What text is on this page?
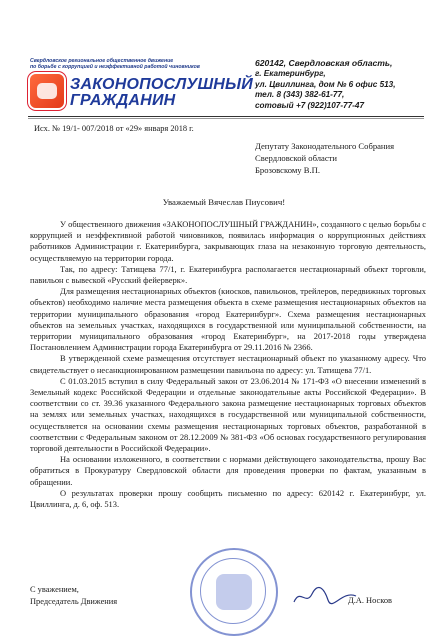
Свердловское региональное общественное движение
по борьбе с коррупцией и неэффективной работой чиновников
ЗАКОНОПОСЛУШНЫЙ
ГРАЖДАНИН
620142, Свердловская область,
г. Екатеринбург,
ул. Цвиллинга, дом № 6 офис 513,
тел. 8 (343) 382-61-77,
сотовый +7 (922)107-77-47
Исх. № 19/1- 007/2018 от «29» января 2018 г.
Депутату Законодательного Собрания
Свердловской области
Брозовскому В.П.
Уважаемый Вячеслав Пиусович!

У общественного движения «ЗАКОНОПОСЛУШНЫЙ ГРАЖДАНИН», созданного с целью борьбы с коррупцией и неэффективной работой чиновников, появилась информация о коррупционных действиях работников Администрации г. Екатеринбурга, закрывающих глаза на незаконную торговую деятельность, осуществляемую на территории города.

Так, по адресу: Татищева 77/1, г. Екатеринбурга располагается нестационарный объект торговли, павильон с вывеской «Русский фейерверк».

Для размещения нестационарных объектов (киосков, павильонов, трейлеров, передвижных торговых объектов) необходимо наличие места размещения объекта в схеме размещения нестационарных объектов на территории муниципального образования «город Екатеринбург». Схема размещения нестационарных объектов на земельных участках, находящихся в государственной или муниципальной собственности, на территории муниципального образования «город Екатеринбург», на 2017-2018 годы утверждена Постановлением Администрации города Екатеринбурга от 29.11.2016 № 2366.

В утвержденной схеме размещения отсутствует нестационарный объект по указанному адресу. Что свидетельствует о несанкционированном размещении павильона по адресу: ул. Татищева 77/1.

С 01.03.2015 вступил в силу Федеральный закон от 23.06.2014 № 171-ФЗ «О внесении изменений в Земельный кодекс Российской Федерации и отдельные законодательные акты Российской Федерации». В соответствии со ст. 39.36 указанного Федерального закона размещение нестационарных торговых объектов на землях или земельных участках, находящихся в государственной или муниципальной собственности, осуществляется на основании схемы размещения нестационарных торговых объектов, разработанной в соответствии с Федеральным законом от 28.12.2009 № 381-ФЗ «Об основах государственного регулирования торговой деятельности в Российской Федерации».

На основании изложенного, в соответствии с нормами действующего законодательства, прошу Вас обратиться в Прокуратуру Свердловской области для проведения проверки по фактам, указанным в обращении.

О результатах проверки прошу сообщить письменно по адресу: 620142 г. Екатеринбург, ул. Цвиллинга, д. 6, оф. 513.

С уважением,
Председатель Движения	Д.А. Носков
